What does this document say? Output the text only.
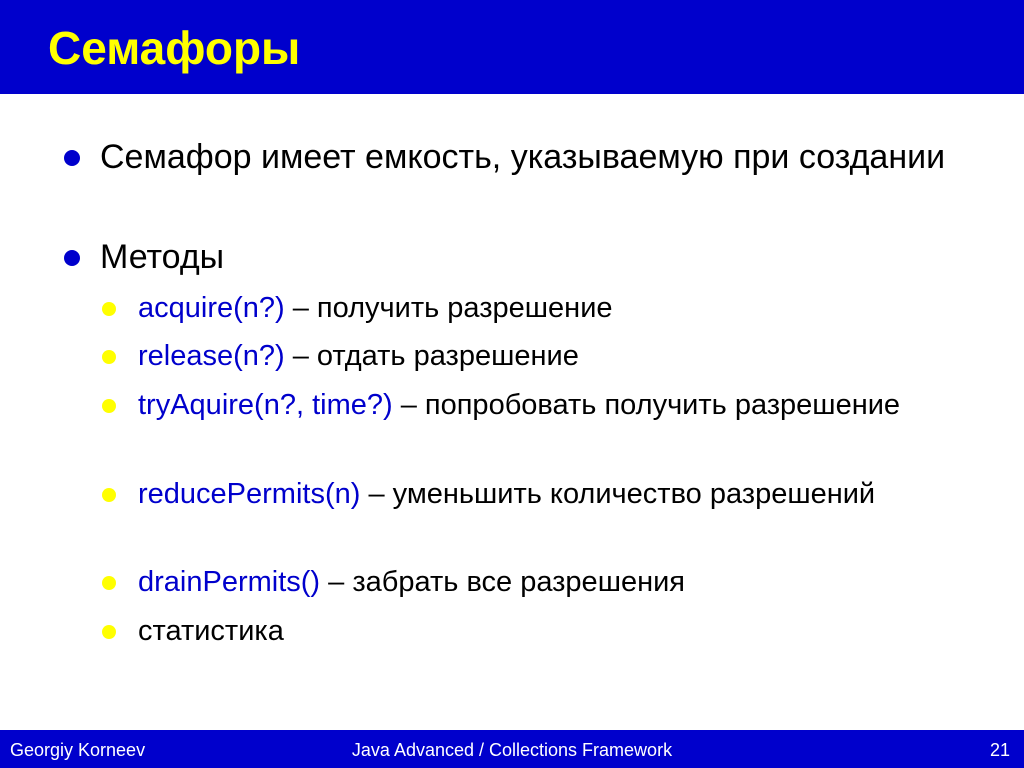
Семафоры
Семафор имеет емкость, указываемую при создании
Методы
acquire(n?) – получить разрешение
release(n?) – отдать разрешение
tryAquire(n?, time?) – попробовать получить разрешение
reducePermits(n) – уменьшить количество разрешений
drainPermits() – забрать все разрешения
статистика
Georgiy Korneev	Java Advanced / Collections Framework	21
